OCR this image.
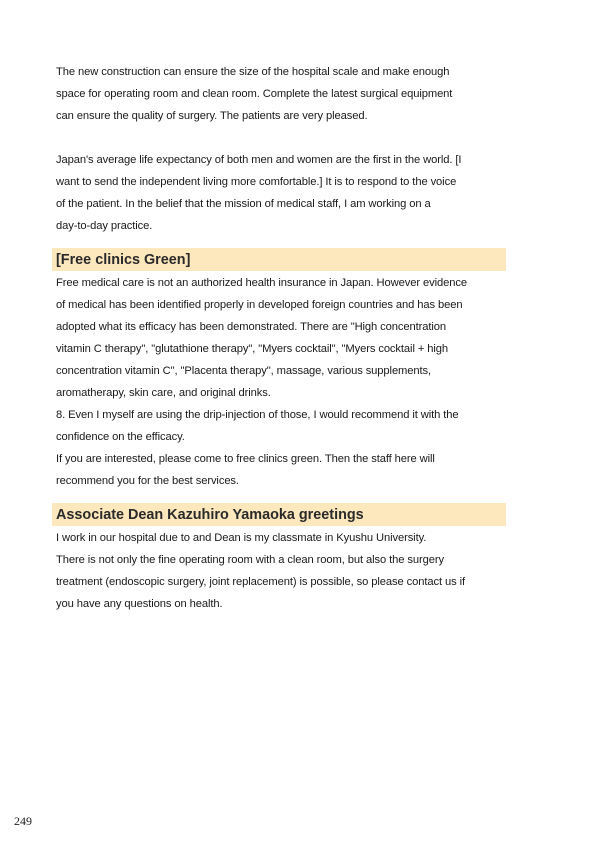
The new construction can ensure the size of the hospital scale and make enough
space for operating room and clean room. Complete the latest surgical equipment
can ensure the quality of surgery. The patients are very pleased.

Japan's average life expectancy of both men and women are the first in the world. [I
want to send the independent living more comfortable.] It is to respond to the voice
of the patient. In the belief that the mission of medical staff, I am working on a
day-to-day practice.

[Free clinics Green]

Free medical care is not an authorized health insurance in Japan. However evidence
of medical has been identified properly in developed foreign countries and has been
adopted what its efficacy has been demonstrated. There are "High concentration
vitamin C therapy", "glutathione therapy", "Myers cocktail", "Myers cocktail + high
concentration vitamin C", "Placenta therapy", massage, various supplements,
aromatherapy, skin care, and original drinks.
8. Even I myself are using the drip-injection of those, I would recommend it with the
confidence on the efficacy.
If you are interested, please come to free clinics green. Then the staff here will
recommend you for the best services.

Associate Dean Kazuhiro Yamaoka greetings

I work in our hospital due to and Dean is my classmate in Kyushu University.
There is not only the fine operating room with a clean room, but also the surgery
treatment (endoscopic surgery, joint replacement) is possible, so please contact us if
you have any questions on health.

249
